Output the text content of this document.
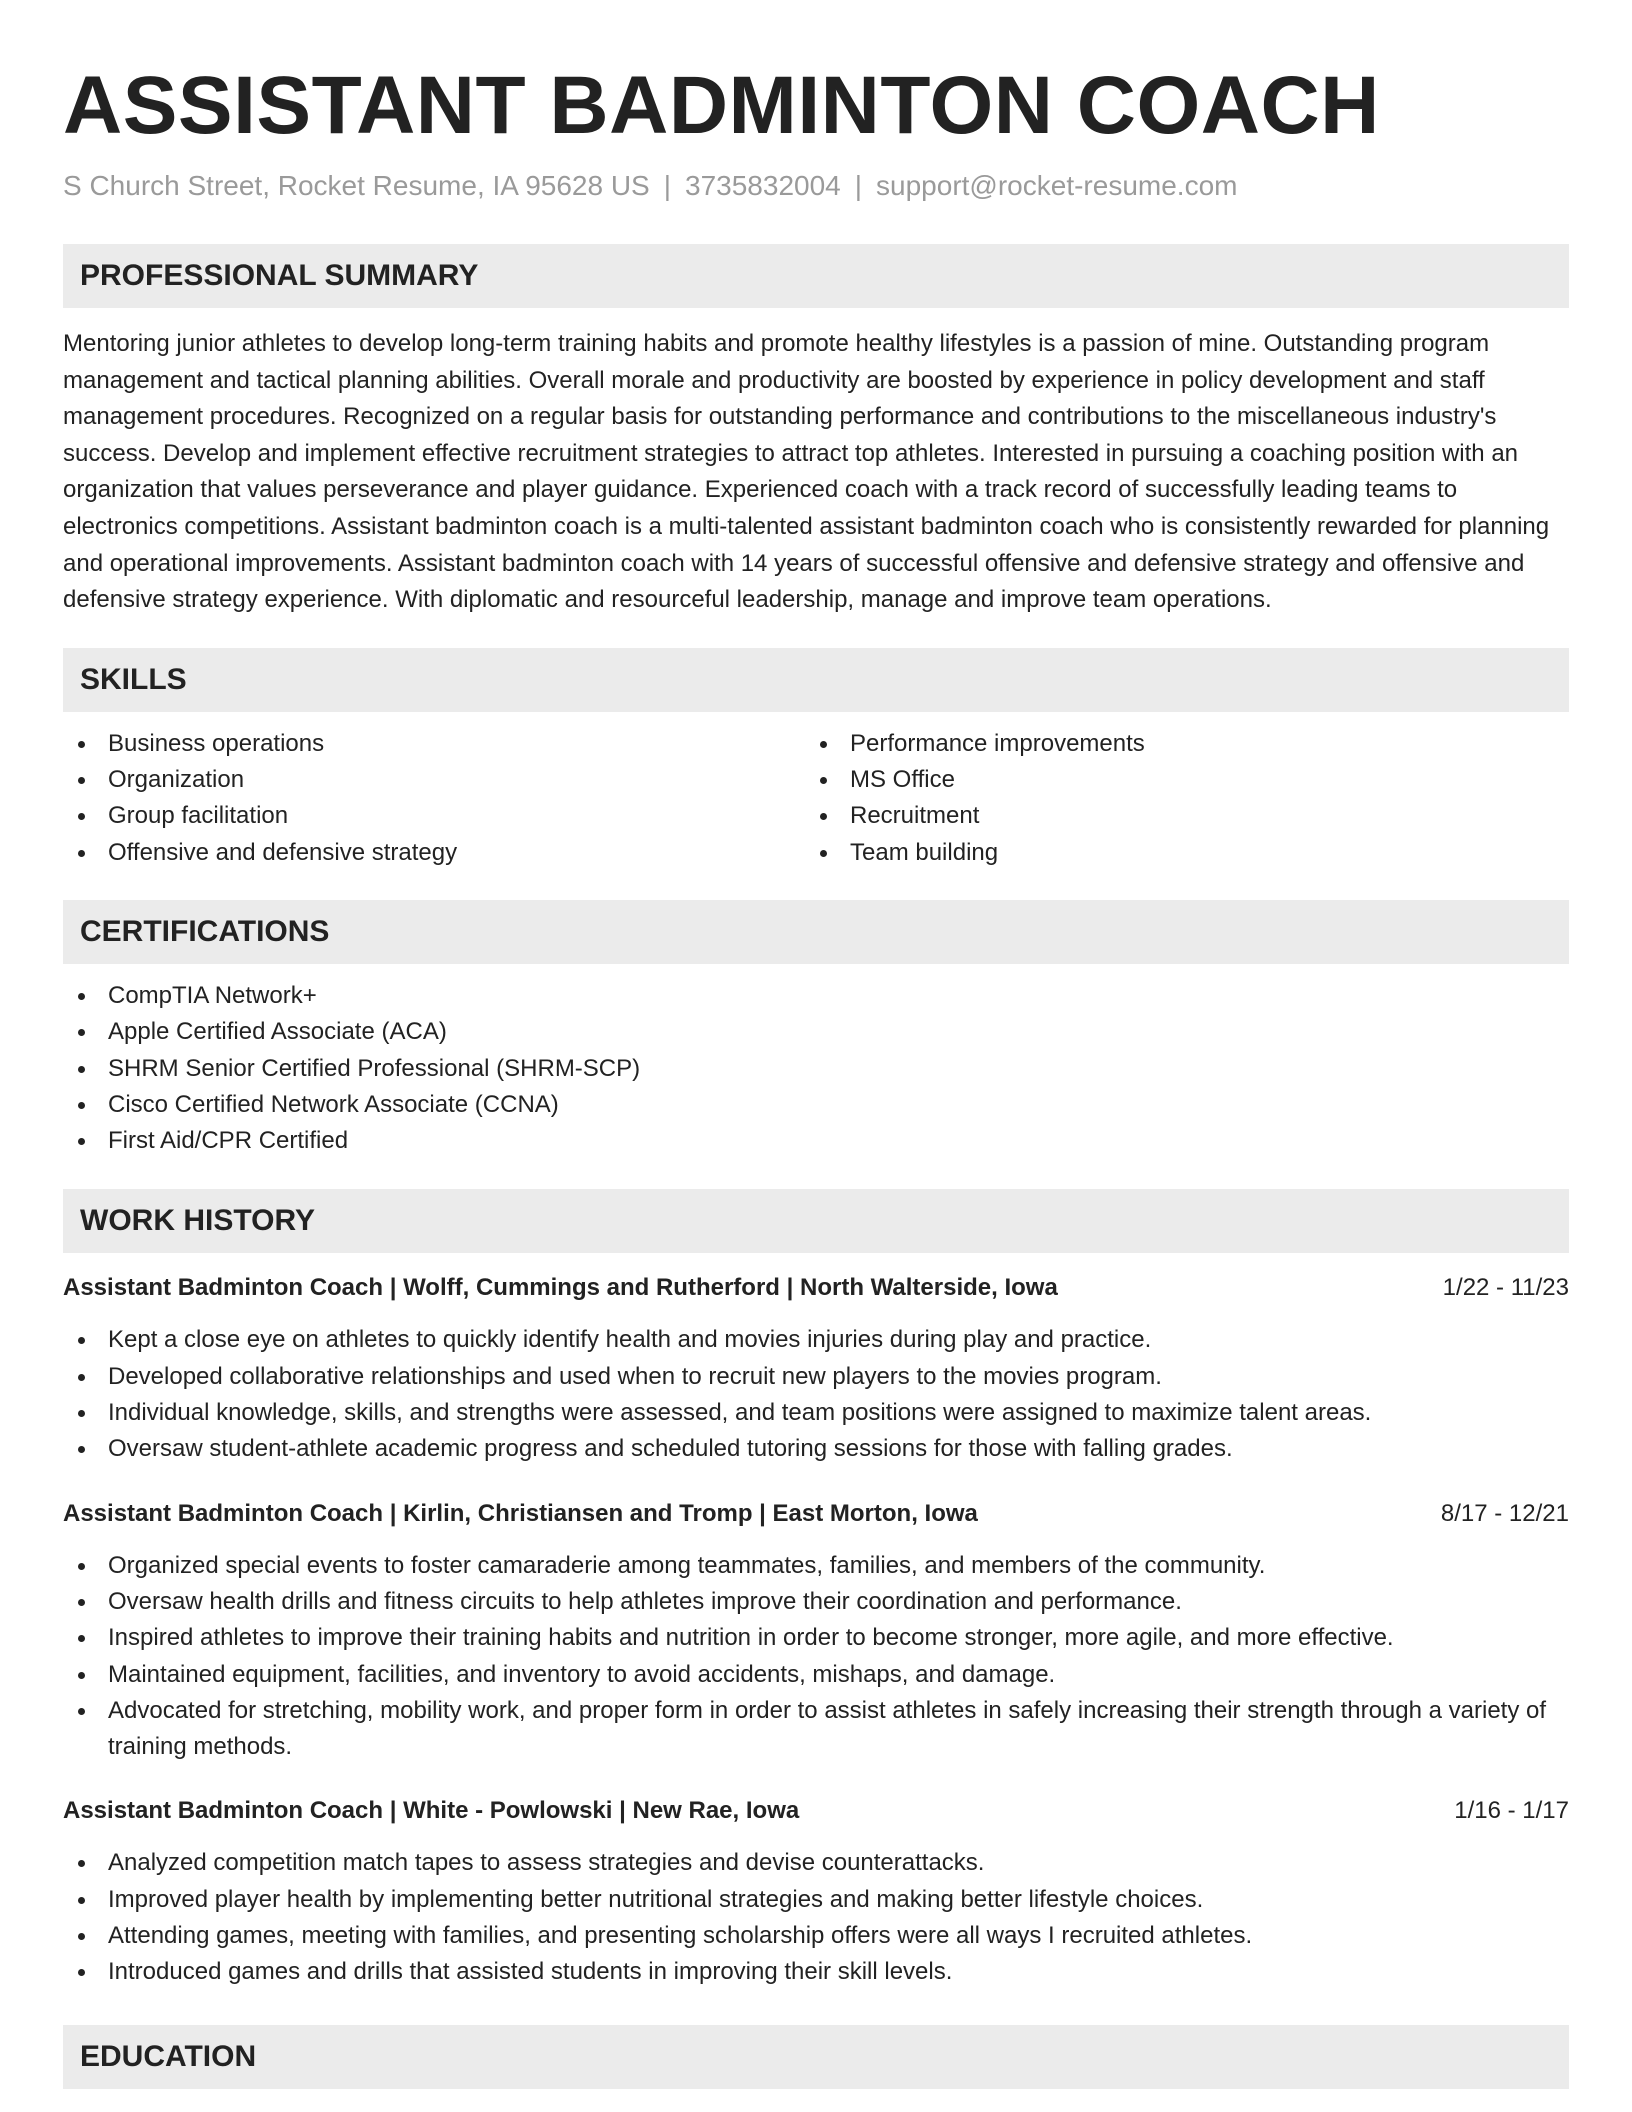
ASSISTANT BADMINTON COACH
S Church Street, Rocket Resume, IA 95628 US | 3735832004 | support@rocket-resume.com
PROFESSIONAL SUMMARY

Mentoring junior athletes to develop long-term training habits and promote healthy lifestyles is a passion of mine. Outstanding program management and tactical planning abilities. Overall morale and productivity are boosted by experience in policy development and staff management procedures. Recognized on a regular basis for outstanding performance and contributions to the miscellaneous industry's success. Develop and implement effective recruitment strategies to attract top athletes. Interested in pursuing a coaching position with an organization that values perseverance and player guidance. Experienced coach with a track record of successfully leading teams to electronics competitions. Assistant badminton coach is a multi-talented assistant badminton coach who is consistently rewarded for planning and operational improvements. Assistant badminton coach with 14 years of successful offensive and defensive strategy and offensive and defensive strategy experience. With diplomatic and resourceful leadership, manage and improve team operations.

SKILLS
Business operations
Organization
Group facilitation
Offensive and defensive strategy
Performance improvements
MS Office
Recruitment
Team building
CERTIFICATIONS
CompTIA Network+
Apple Certified Associate (ACA)
SHRM Senior Certified Professional (SHRM-SCP)
Cisco Certified Network Associate (CCNA)
First Aid/CPR Certified
WORK HISTORY
Assistant Badminton Coach | Wolff, Cummings and Rutherford | North Walterside, Iowa	1/22 - 11/23
Kept a close eye on athletes to quickly identify health and movies injuries during play and practice.
Developed collaborative relationships and used when to recruit new players to the movies program.
Individual knowledge, skills, and strengths were assessed, and team positions were assigned to maximize talent areas.
Oversaw student-athlete academic progress and scheduled tutoring sessions for those with falling grades.
Assistant Badminton Coach | Kirlin, Christiansen and Tromp | East Morton, Iowa	8/17 - 12/21
Organized special events to foster camaraderie among teammates, families, and members of the community.
Oversaw health drills and fitness circuits to help athletes improve their coordination and performance.
Inspired athletes to improve their training habits and nutrition in order to become stronger, more agile, and more effective.
Maintained equipment, facilities, and inventory to avoid accidents, mishaps, and damage.
Advocated for stretching, mobility work, and proper form in order to assist athletes in safely increasing their strength through a variety of training methods.
Assistant Badminton Coach | White - Powlowski | New Rae, Iowa	1/16 - 1/17
Analyzed competition match tapes to assess strategies and devise counterattacks.
Improved player health by implementing better nutritional strategies and making better lifestyle choices.
Attending games, meeting with families, and presenting scholarship offers were all ways I recruited athletes.
Introduced games and drills that assisted students in improving their skill levels.
EDUCATION
